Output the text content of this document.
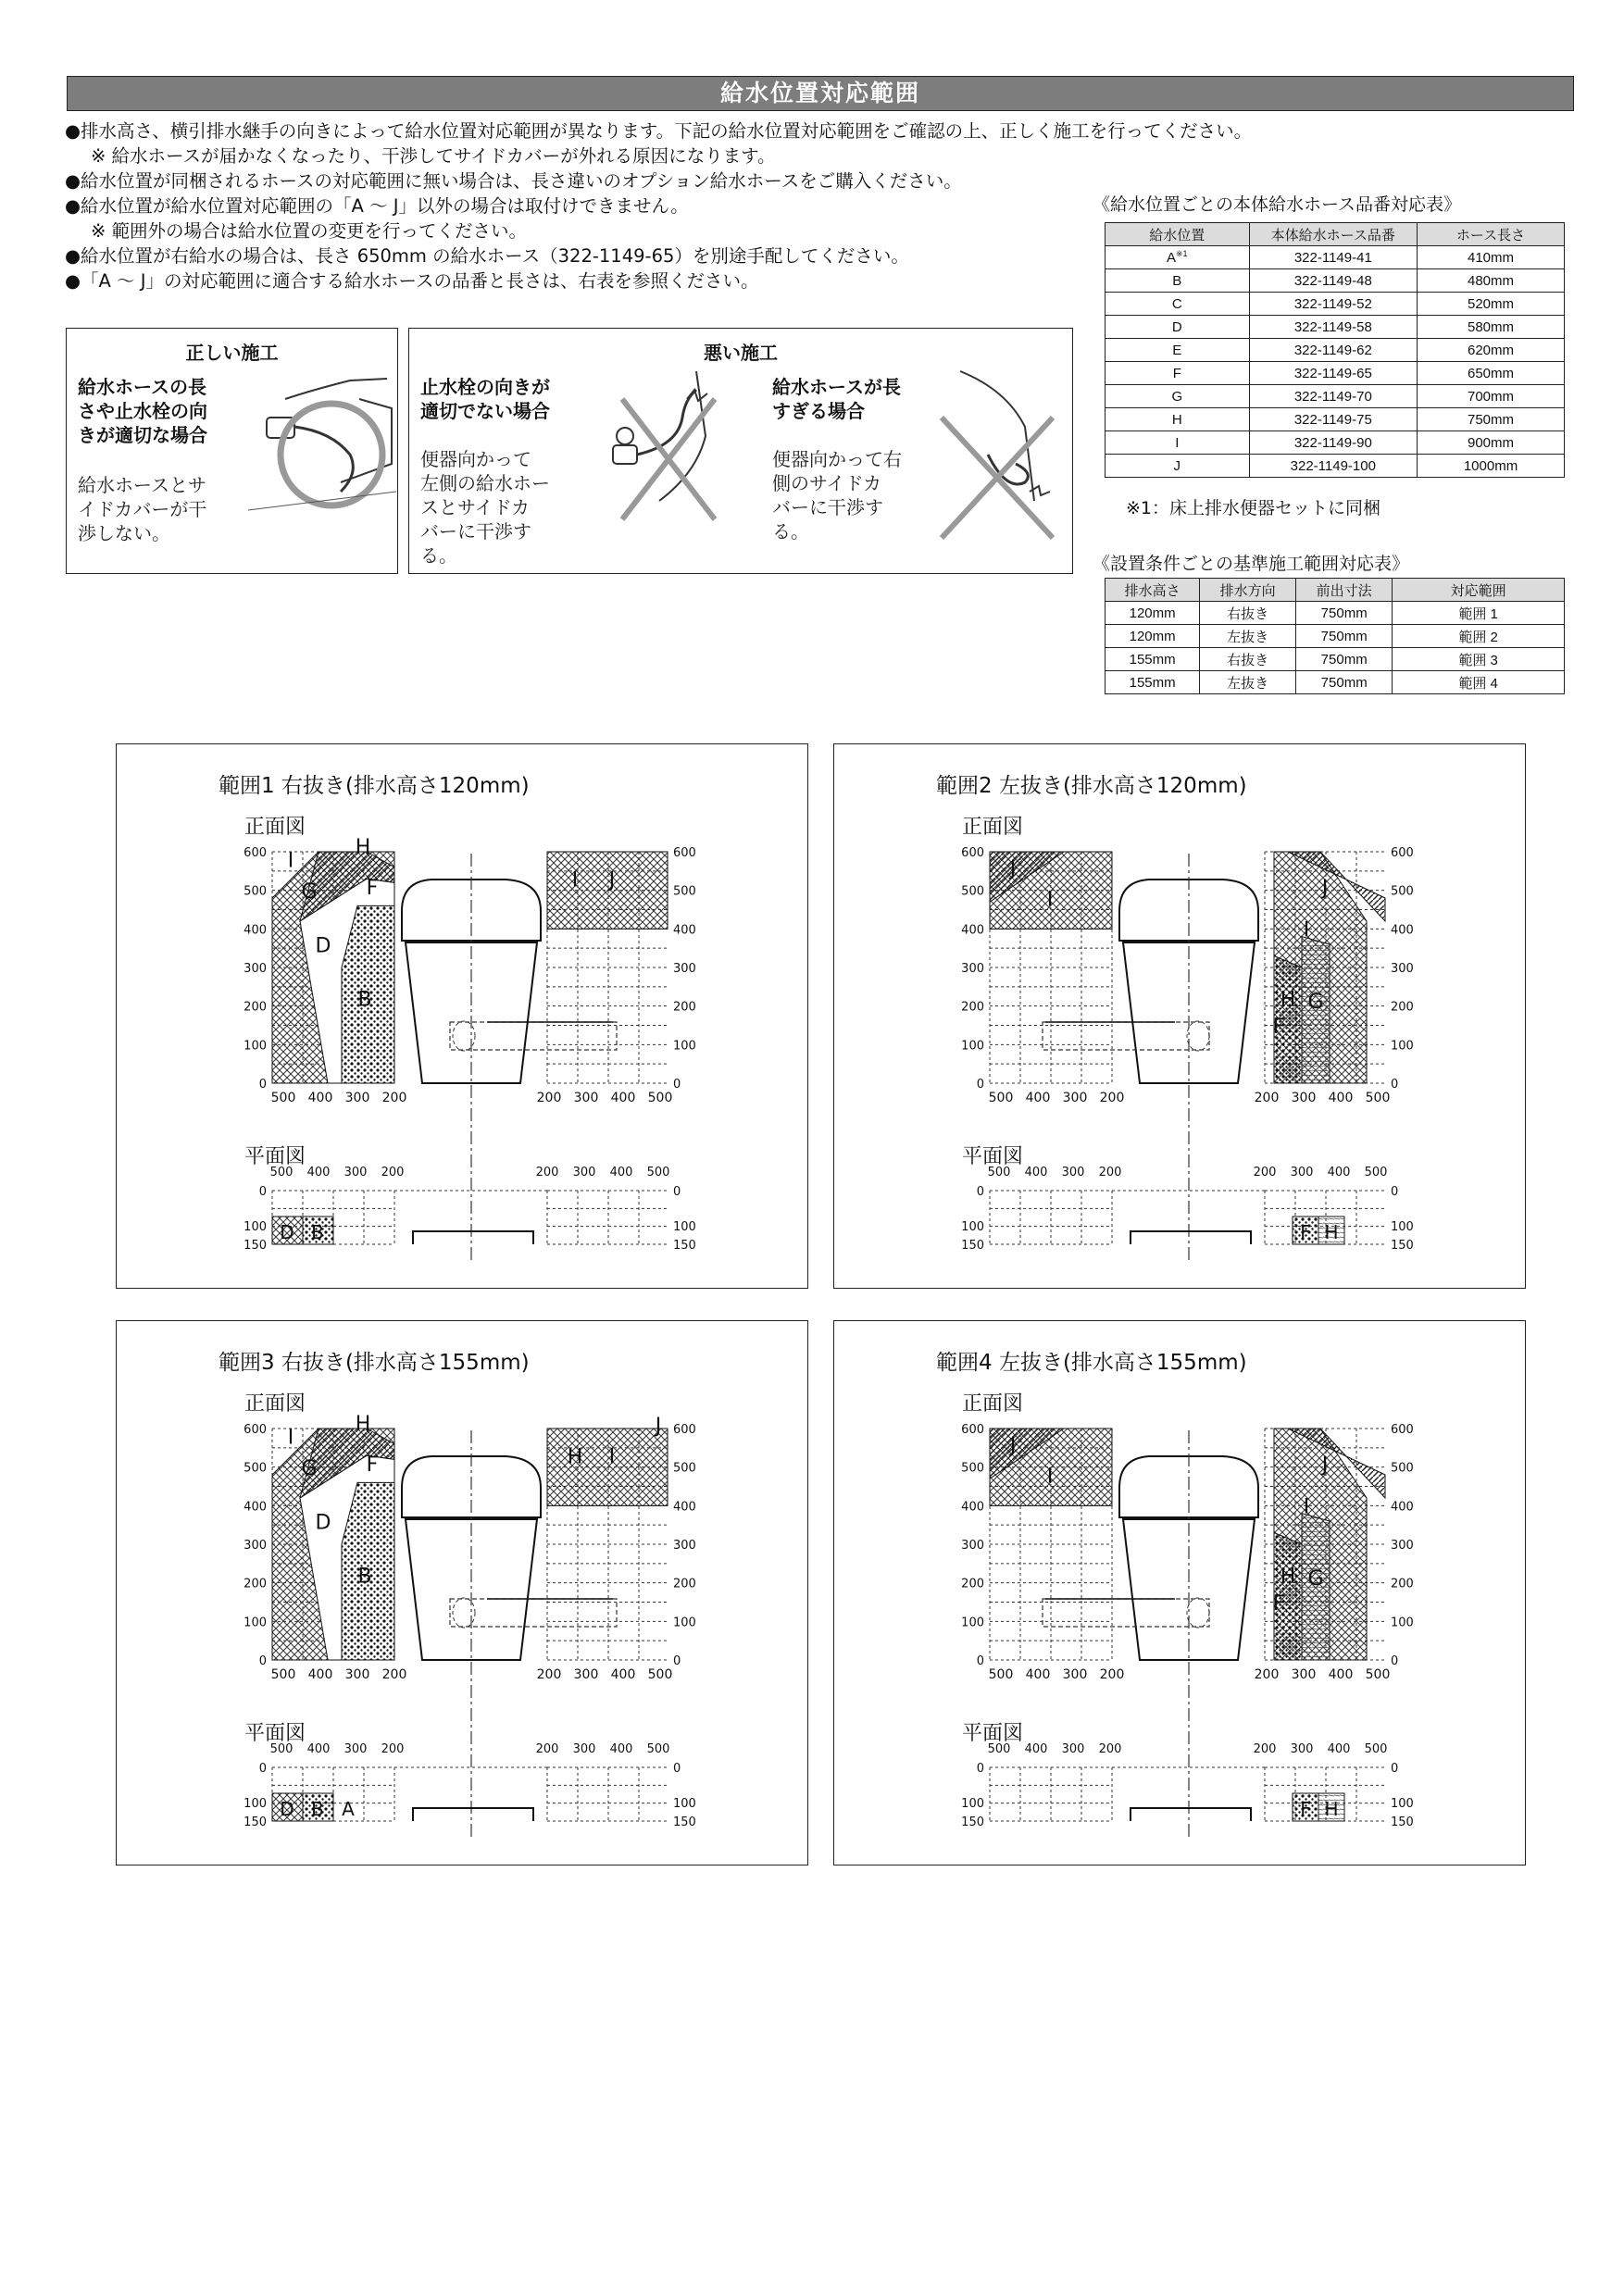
給水位置対応範囲
●排水高さ、横引排水継手の向きによって給水位置対応範囲が異なります。下記の給水位置対応範囲をご確認の上、正しく施工を行ってください。
※ 給水ホースが届かなくなったり、干渉してサイドカバーが外れる原因になります。
●給水位置が同梱されるホースの対応範囲に無い場合は、長さ違いのオプション給水ホースをご購入ください。
●給水位置が給水位置対応範囲の「A ～ J」以外の場合は取付けできません。
※ 範囲外の場合は給水位置の変更を行ってください。
●給水位置が右給水の場合は、長さ 650mm の給水ホース（322-1149-65）を別途手配してください。
●「A ～ J」の対応範囲に適合する給水ホースの品番と長さは、右表を参照ください。
正しい施工
給水ホースの長
さや止水栓の向
きが適切な場合
給水ホースとサ
イドカバーが干
渉しない。
悪い施工
止水栓の向きが
適切でない場合
便器向かって
左側の給水ホー
スとサイドカ
バーに干渉す
る。
給水ホースが長
すぎる場合
便器向かって右
側のサイドカ
バーに干渉す
る。
《給水位置ごとの本体給水ホース品番対応表》
給水位置	本体給水ホース品番	ホース長さ
$A^{※1}$	322-1149-41	410mm
B	322-1149-48	480mm
C	322-1149-52	520mm
D	322-1149-58	580mm
E	322-1149-62	620mm
F	322-1149-65	650mm
G	322-1149-70	700mm
H	322-1149-75	750mm
I	322-1149-90	900mm
J	322-1149-100	1000mm
※1：床上排水便器セットに同梱
《設置条件ごとの基準施工範囲対応表》
排水高さ	排水方向	前出寸法	対応範囲
120mm	右抜き	750mm	範囲 1
120mm	左抜き	750mm	範囲 2
155mm	右抜き	750mm	範囲 3
155mm	左抜き	750mm	範囲 4
範囲1 右抜き(排水高さ120mm)
正面図
平面図
600	600
500	500
400	400
300	300
200	200
100	100
0	0
500 400 300 200	200 300 400 500
I
H
G F
D
B
I J
500 400 300 200	200 300 400 500
0	0
100	100
150	150
D B
範囲2 左抜き(排水高さ120mm)
正面図
平面図
600	600
500	500
400	400
300	300
200	200
100	100
0	0
500 400 300 200	200 300 400 500
J
I	J
I
H G
F
500 400 300 200	200 300 400 500
0	0
100	100
150	150
F H
範囲3 右抜き(排水高さ155mm)
正面図
平面図
600	600
500	500
400	400
300	300
200	200
100	100
0	0
500 400 300 200	200 300 400 500
I
H
G F
D
B
H I
J
500 400 300 200	200 300 400 500
0	0
100	100
150	150
D B A
範囲4 左抜き(排水高さ155mm)
正面図
平面図
600	600
500	500
400	400
300	300
200	200
100	100
0	0
500 400 300 200	200 300 400 500
J
I	J
I
H G
F
500 400 300 200	200 300 400 500
0	0
100	100
150	150
F H
